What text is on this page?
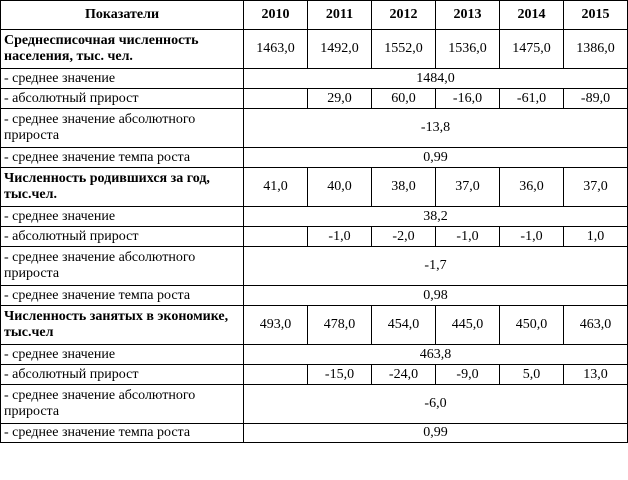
Показатели	2010	2011	2012	2013	2014	2015
Среднесписочная численность населения, тыс. чел.	1463,0	1492,0	1552,0	1536,0	1475,0	1386,0
- среднее значение	1484,0					
- абсолютный прирост		29,0	60,0	-16,0	-61,0	-89,0
- среднее значение абсолютного прироста	-13,8					
- среднее значение темпа роста	0,99					
Численность родившихся за год, тыс.чел.	41,0	40,0	38,0	37,0	36,0	37,0
- среднее значение	38,2					
- абсолютный прирост		-1,0	-2,0	-1,0	-1,0	1,0
- среднее значение абсолютного прироста	-1,7					
- среднее значение темпа роста	0,98					
Численность занятых в экономике, тыс.чел	493,0	478,0	454,0	445,0	450,0	463,0
- среднее значение	463,8					
- абсолютный прирост		-15,0	-24,0	-9,0	5,0	13,0
- среднее значение абсолютного прироста	-6,0					
- среднее значение темпа роста	0,99					
